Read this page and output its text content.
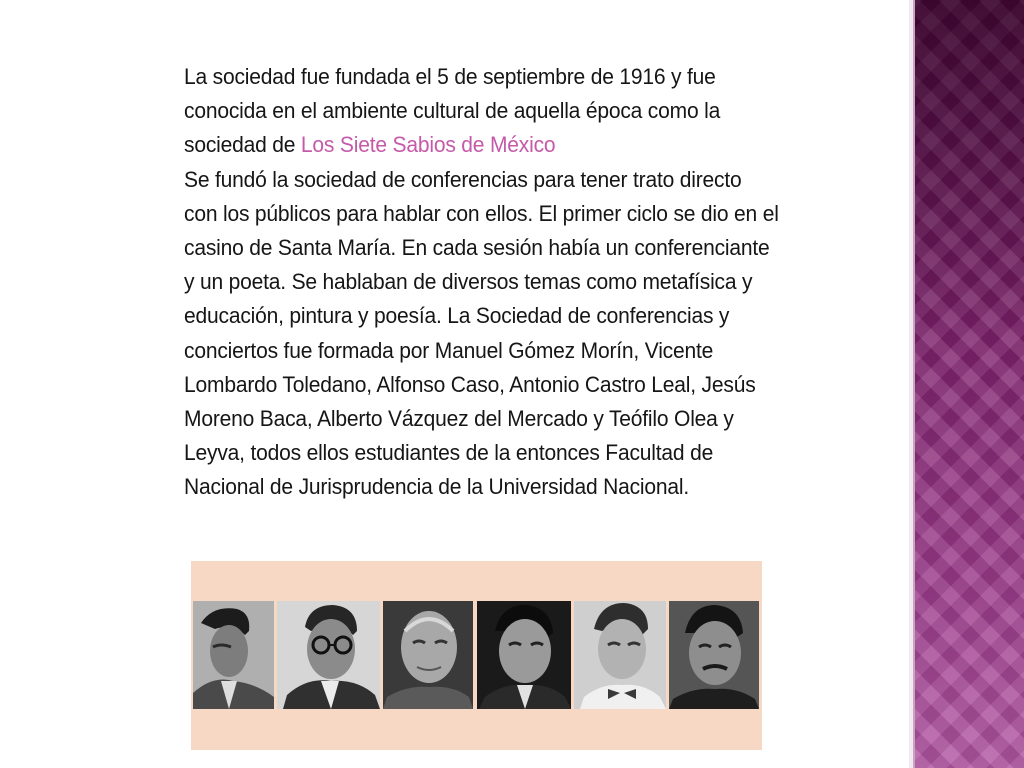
La sociedad fue fundada el 5 de septiembre de 1916 y fue conocida en el ambiente cultural de aquella época como la sociedad de Los Siete Sabios de México

Se fundó la sociedad de conferencias para tener trato directo con los públicos para hablar con ellos. El primer ciclo se dio en el casino de Santa María. En cada sesión había un conferenciante y un poeta. Se hablaban de diversos temas como metafísica y educación, pintura y poesía. La Sociedad de conferencias y conciertos fue formada por Manuel Gómez Morín, Vicente Lombardo Toledano, Alfonso Caso, Antonio Castro Leal, Jesús Moreno Baca, Alberto Vázquez del Mercado y Teófilo Olea y Leyva, todos ellos estudiantes de la entonces Facultad de Nacional de Jurisprudencia de la Universidad Nacional.
